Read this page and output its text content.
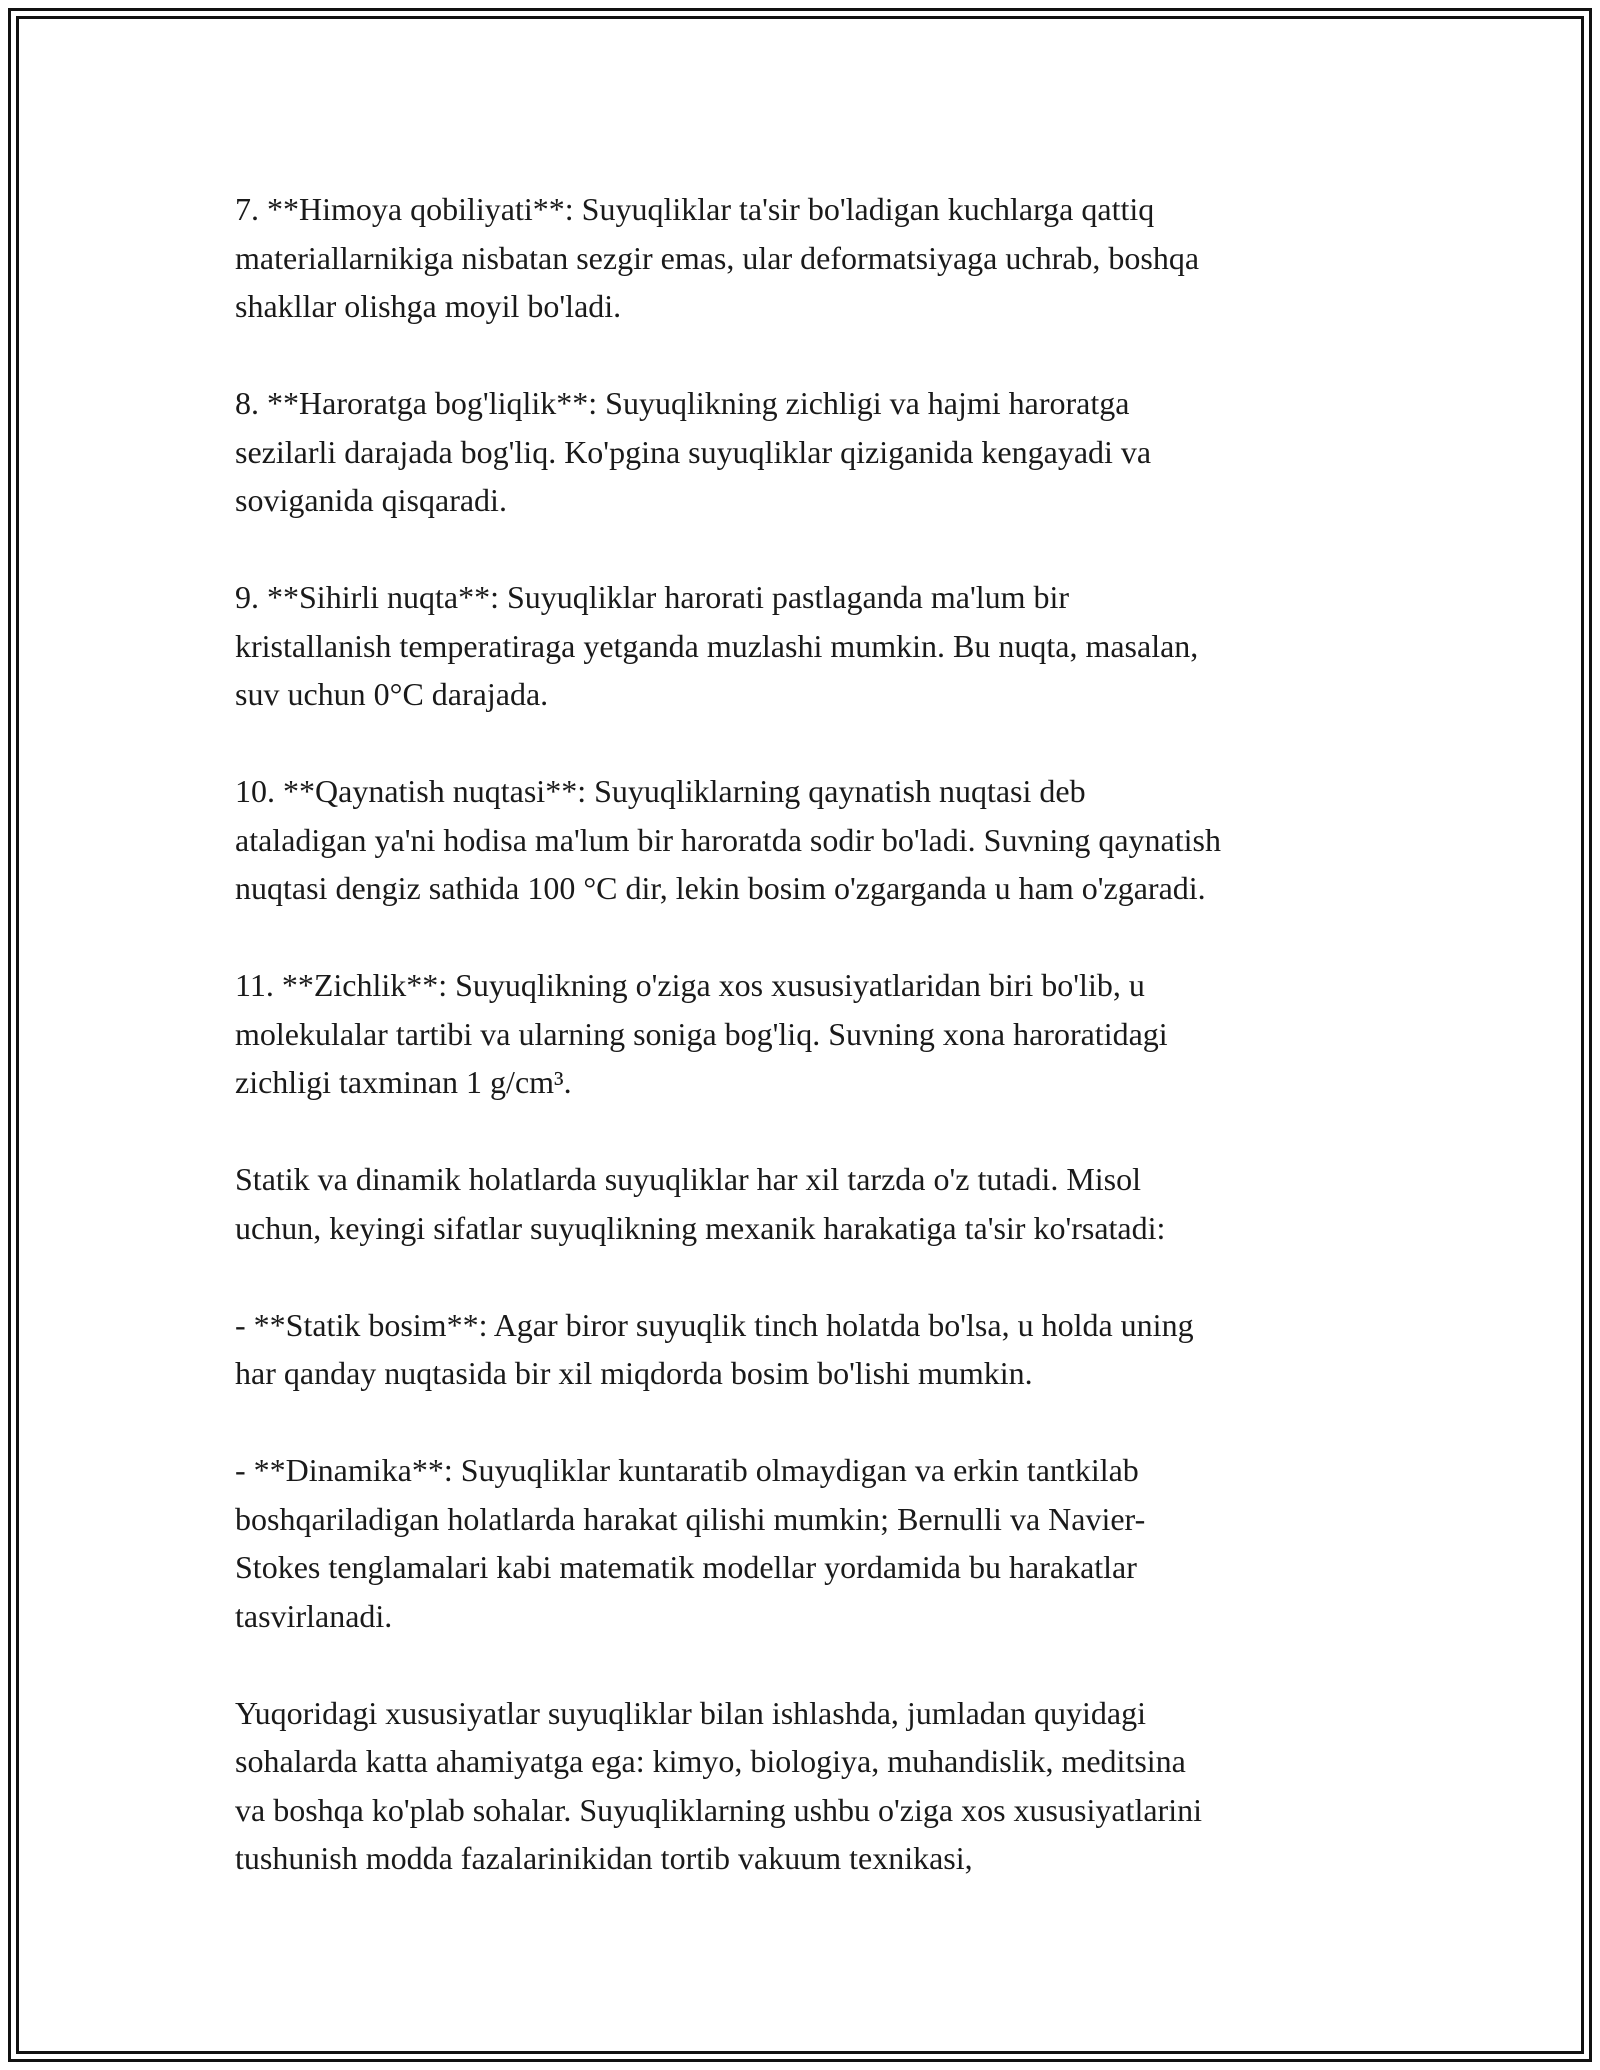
7. **Himoya qobiliyati**: Suyuqliklar ta'sir bo'ladigan kuchlarga qattiq
materiallarnikiga nisbatan sezgir emas, ular deformatsiyaga uchrab, boshqa
shakllar olishga moyil bo'ladi.

8. **Haroratga bog'liqlik**: Suyuqlikning zichligi va hajmi haroratga
sezilarli darajada bog'liq. Ko'pgina suyuqliklar qiziganida kengayadi va
soviganida qisqaradi.

9. **Sihirli nuqta**: Suyuqliklar harorati pastlaganda ma'lum bir
kristallanish temperatiraga yetganda muzlashi mumkin. Bu nuqta, masalan,
suv uchun 0°C darajada.

10. **Qaynatish nuqtasi**: Suyuqliklarning qaynatish nuqtasi deb
ataladigan ya'ni hodisa ma'lum bir haroratda sodir bo'ladi. Suvning qaynatish
nuqtasi dengiz sathida 100 °C dir, lekin bosim o'zgarganda u ham o'zgaradi.

11. **Zichlik**: Suyuqlikning o'ziga xos xususiyatlaridan biri bo'lib, u
molekulalar tartibi va ularning soniga bog'liq. Suvning xona haroratidagi
zichligi taxminan 1 g/cm³.

Statik va dinamik holatlarda suyuqliklar har xil tarzda o'z tutadi. Misol
uchun, keyingi sifatlar suyuqlikning mexanik harakatiga ta'sir ko'rsatadi:

- **Statik bosim**: Agar biror suyuqlik tinch holatda bo'lsa, u holda uning
har qanday nuqtasida bir xil miqdorda bosim bo'lishi mumkin.

- **Dinamika**: Suyuqliklar kuntaratib olmaydigan va erkin tantkilab
boshqariladigan holatlarda harakat qilishi mumkin; Bernulli va Navier-
Stokes tenglamalari kabi matematik modellar yordamida bu harakatlar
tasvirlanadi.

Yuqoridagi xususiyatlar suyuqliklar bilan ishlashda, jumladan quyidagi
sohalarda katta ahamiyatga ega: kimyo, biologiya, muhandislik, meditsina
va boshqa ko'plab sohalar. Suyuqliklarning ushbu o'ziga xos xususiyatlarini
tushunish modda fazalarinikidan tortib vakuum texnikasi,
